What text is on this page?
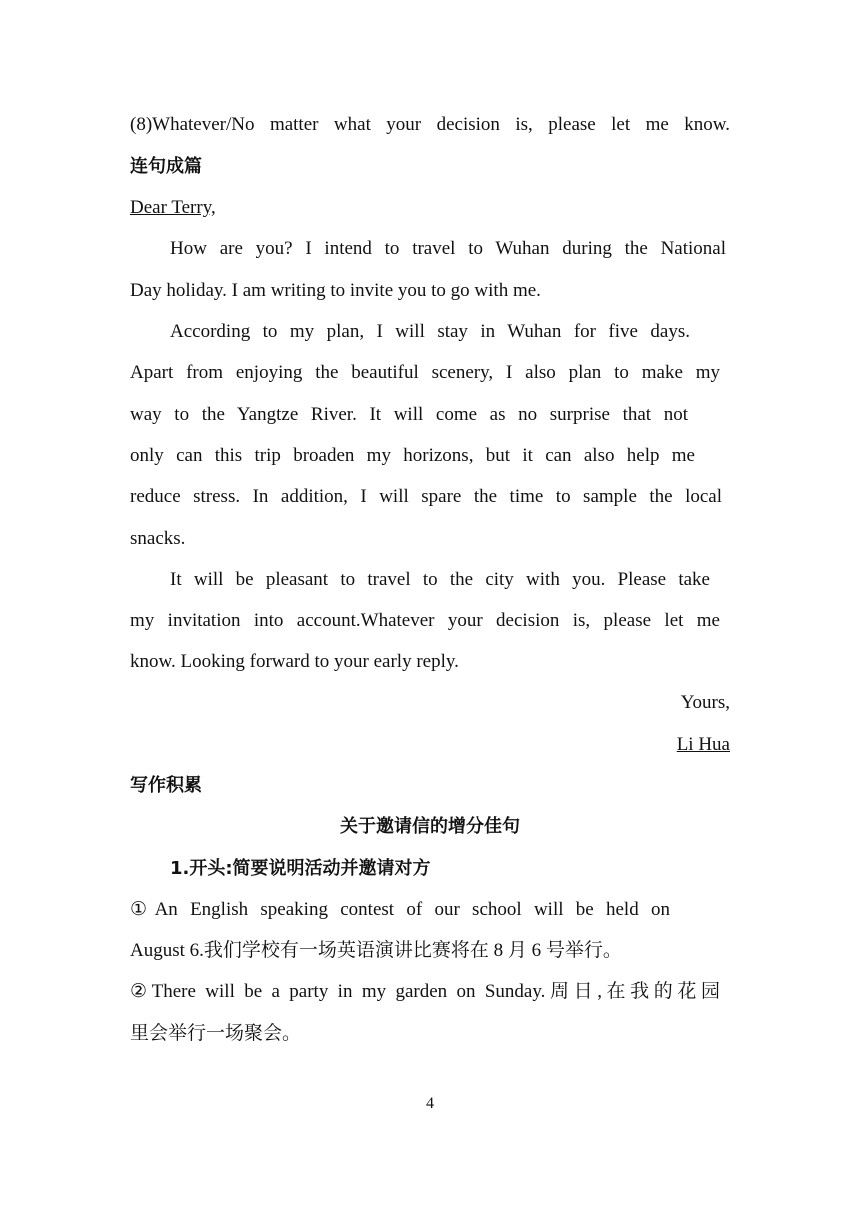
(8)Whatever/No matter what your decision is, please let me know.
连句成篇
Dear Terry,
How are you? I intend to travel to Wuhan during the National
Day holiday. I am writing to invite you to go with me.
According to my plan, I will stay in Wuhan for five days.
Apart from enjoying the beautiful scenery, I also plan to make my
way to the Yangtze River. It will come as no surprise that not
only can this trip broaden my horizons, but it can also help me
reduce stress. In addition, I will spare the time to sample the local
snacks.
It will be pleasant to travel to the city with you. Please take
my invitation into account.Whatever your decision is, please let me
know. Looking forward to your early reply.
Yours,
Li Hua
写作积累
关于邀请信的增分佳句
1.开头:简要说明活动并邀请对方
①An English speaking contest of our school will be held on
August 6.我们学校有一场英语演讲比赛将在 8 月 6 号举行。
②There will be a party in my garden on Sunday.周日,在我的花园
里会举行一场聚会。
4
